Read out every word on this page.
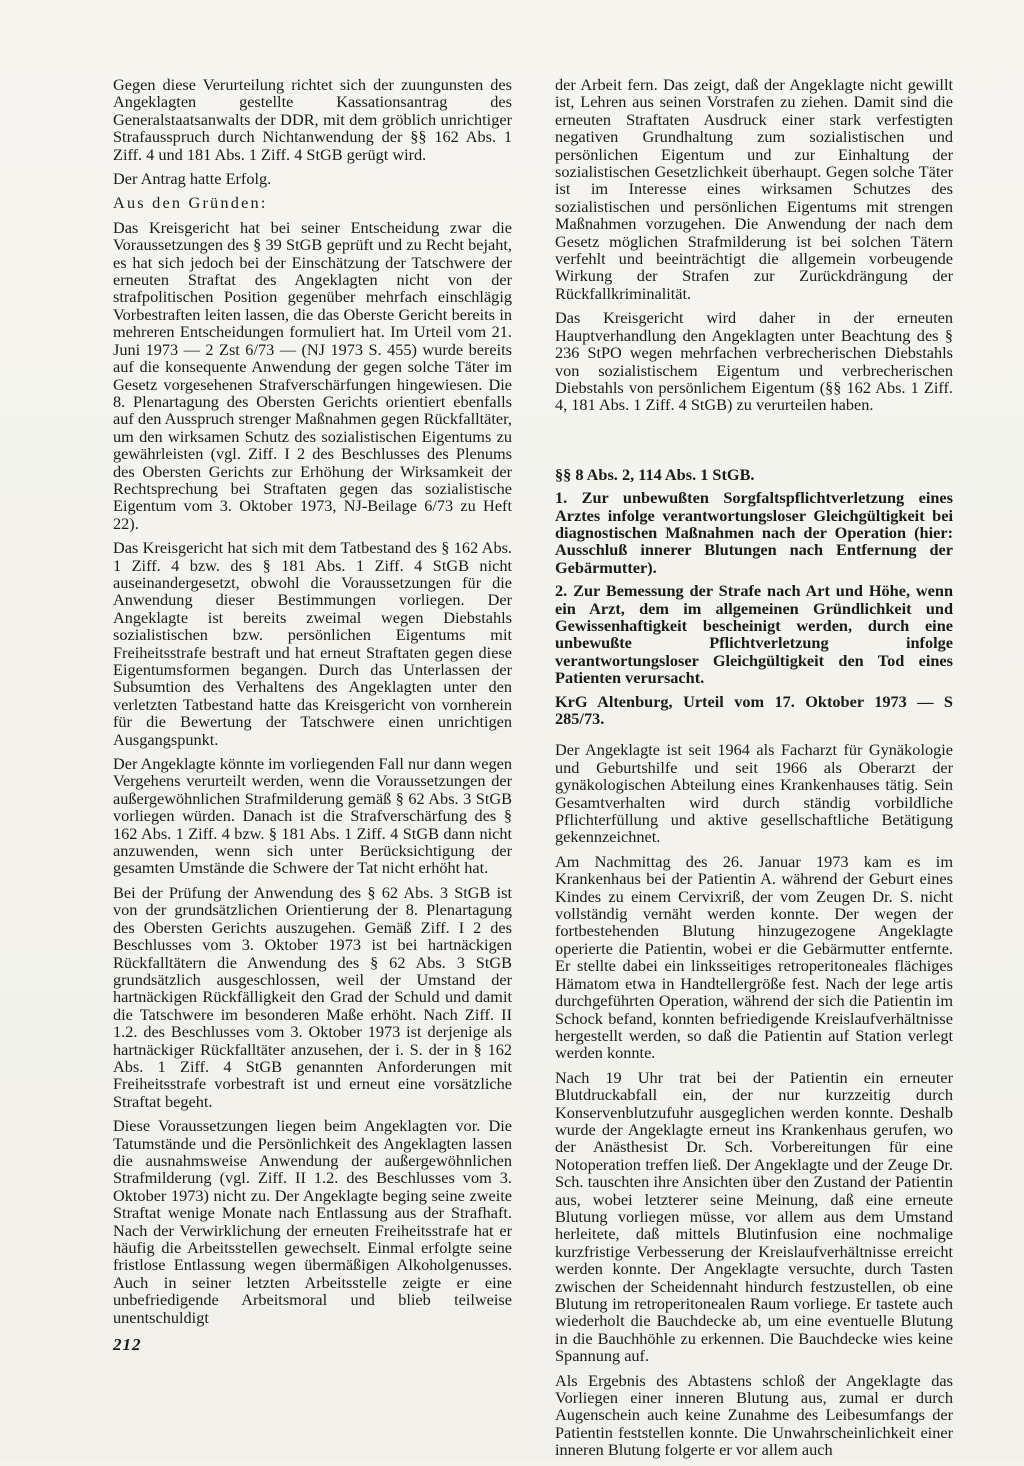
Gegen diese Verurteilung richtet sich der zuungunsten des Angeklagten gestellte Kassationsantrag des Generalstaatsanwalts der DDR, mit dem gröblich unrichtiger Strafausspruch durch Nichtanwendung der §§ 162 Abs. 1 Ziff. 4 und 181 Abs. 1 Ziff. 4 StGB gerügt wird.

Der Antrag hatte Erfolg.

Aus den Gründen:

Das Kreisgericht hat bei seiner Entscheidung zwar die Voraussetzungen des § 39 StGB geprüft und zu Recht bejaht, es hat sich jedoch bei der Einschätzung der Tatschwere der erneuten Straftat des Angeklagten nicht von der strafpolitischen Position gegenüber mehrfach einschlägig Vorbestraften leiten lassen, die das Oberste Gericht bereits in mehreren Entscheidungen formuliert hat. Im Urteil vom 21. Juni 1973 — 2 Zst 6/73 — (NJ 1973 S. 455) wurde bereits auf die konsequente Anwendung der gegen solche Täter im Gesetz vorgesehenen Strafverschärfungen hingewiesen. Die 8. Plenartagung des Obersten Gerichts orientiert ebenfalls auf den Ausspruch strenger Maßnahmen gegen Rückfalltäter, um den wirksamen Schutz des sozialistischen Eigentums zu gewährleisten (vgl. Ziff. I 2 des Beschlusses des Plenums des Obersten Gerichts zur Erhöhung der Wirksamkeit der Rechtsprechung bei Straftaten gegen das sozialistische Eigentum vom 3. Oktober 1973, NJ-Beilage 6/73 zu Heft 22).

Das Kreisgericht hat sich mit dem Tatbestand des § 162 Abs. 1 Ziff. 4 bzw. des § 181 Abs. 1 Ziff. 4 StGB nicht auseinandergesetzt, obwohl die Voraussetzungen für die Anwendung dieser Bestimmungen vorliegen. Der Angeklagte ist bereits zweimal wegen Diebstahls sozialistischen bzw. persönlichen Eigentums mit Freiheitsstrafe bestraft und hat erneut Straftaten gegen diese Eigentumsformen begangen. Durch das Unterlassen der Subsumtion des Verhaltens des Angeklagten unter den verletzten Tatbestand hatte das Kreisgericht von vornherein für die Bewertung der Tatschwere einen unrichtigen Ausgangspunkt.

Der Angeklagte könnte im vorliegenden Fall nur dann wegen Vergehens verurteilt werden, wenn die Voraussetzungen der außergewöhnlichen Strafmilderung gemäß § 62 Abs. 3 StGB vorliegen würden. Danach ist die Strafverschärfung des § 162 Abs. 1 Ziff. 4 bzw. § 181 Abs. 1 Ziff. 4 StGB dann nicht anzuwenden, wenn sich unter Berücksichtigung der gesamten Umstände die Schwere der Tat nicht erhöht hat.

Bei der Prüfung der Anwendung des § 62 Abs. 3 StGB ist von der grundsätzlichen Orientierung der 8. Plenartagung des Obersten Gerichts auszugehen. Gemäß Ziff. I 2 des Beschlusses vom 3. Oktober 1973 ist bei hartnäckigen Rückfalltätern die Anwendung des § 62 Abs. 3 StGB grundsätzlich ausgeschlossen, weil der Umstand der hartnäckigen Rückfälligkeit den Grad der Schuld und damit die Tatschwere im besonderen Maße erhöht. Nach Ziff. II 1.2. des Beschlusses vom 3. Oktober 1973 ist derjenige als hartnäckiger Rückfalltäter anzusehen, der i. S. der in § 162 Abs. 1 Ziff. 4 StGB genannten Anforderungen mit Freiheitsstrafe vorbestraft ist und erneut eine vorsätzliche Straftat begeht.

Diese Voraussetzungen liegen beim Angeklagten vor. Die Tatumstände und die Persönlichkeit des Angeklagten lassen die ausnahmsweise Anwendung der außergewöhnlichen Strafmilderung (vgl. Ziff. II 1.2. des Beschlusses vom 3. Oktober 1973) nicht zu. Der Angeklagte beging seine zweite Straftat wenige Monate nach Entlassung aus der Strafhaft. Nach der Verwirklichung der erneuten Freiheitsstrafe hat er häufig die Arbeitsstellen gewechselt. Einmal erfolgte seine fristlose Entlassung wegen übermäßigen Alkoholgenusses. Auch in seiner letzten Arbeitsstelle zeigte er eine unbefriedigende Arbeitsmoral und blieb teilweise unentschuldigt

der Arbeit fern. Das zeigt, daß der Angeklagte nicht gewillt ist, Lehren aus seinen Vorstrafen zu ziehen. Damit sind die erneuten Straftaten Ausdruck einer stark verfestigten negativen Grundhaltung zum sozialistischen und persönlichen Eigentum und zur Einhaltung der sozialistischen Gesetzlichkeit überhaupt. Gegen solche Täter ist im Interesse eines wirksamen Schutzes des sozialistischen und persönlichen Eigentums mit strengen Maßnahmen vorzugehen. Die Anwendung der nach dem Gesetz möglichen Strafmilderung ist bei solchen Tätern verfehlt und beeinträchtigt die allgemein vorbeugende Wirkung der Strafen zur Zurückdrängung der Rückfallkriminalität.

Das Kreisgericht wird daher in der erneuten Hauptverhandlung den Angeklagten unter Beachtung des § 236 StPO wegen mehrfachen verbrecherischen Diebstahls von sozialistischem Eigentum und verbrecherischen Diebstahls von persönlichem Eigentum (§§ 162 Abs. 1 Ziff. 4, 181 Abs. 1 Ziff. 4 StGB) zu verurteilen haben.

§§ 8 Abs. 2, 114 Abs. 1 StGB.

1. Zur unbewußten Sorgfaltspflichtverletzung eines Arztes infolge verantwortungsloser Gleichgültigkeit bei diagnostischen Maßnahmen nach der Operation (hier: Ausschluß innerer Blutungen nach Entfernung der Gebärmutter).

2. Zur Bemessung der Strafe nach Art und Höhe, wenn ein Arzt, dem im allgemeinen Gründlichkeit und Gewissenhaftigkeit bescheinigt werden, durch eine unbewußte Pflichtverletzung infolge verantwortungsloser Gleichgültigkeit den Tod eines Patienten verursacht.

KrG Altenburg, Urteil vom 17. Oktober 1973 — S 285/73.

Der Angeklagte ist seit 1964 als Facharzt für Gynäkologie und Geburtshilfe und seit 1966 als Oberarzt der gynäkologischen Abteilung eines Krankenhauses tätig. Sein Gesamtverhalten wird durch ständig vorbildliche Pflichterfüllung und aktive gesellschaftliche Betätigung gekennzeichnet.

Am Nachmittag des 26. Januar 1973 kam es im Krankenhaus bei der Patientin A. während der Geburt eines Kindes zu einem Cervixriß, der vom Zeugen Dr. S. nicht vollständig vernäht werden konnte. Der wegen der fortbestehenden Blutung hinzugezogene Angeklagte operierte die Patientin, wobei er die Gebärmutter entfernte. Er stellte dabei ein linksseitiges retroperitoneales flächiges Hämatom etwa in Handtellergröße fest. Nach der lege artis durchgeführten Operation, während der sich die Patientin im Schock befand, konnten befriedigende Kreislaufverhältnisse hergestellt werden, so daß die Patientin auf Station verlegt werden konnte.

Nach 19 Uhr trat bei der Patientin ein erneuter Blutdruckabfall ein, der nur kurzzeitig durch Konservenblutzufuhr ausgeglichen werden konnte. Deshalb wurde der Angeklagte erneut ins Krankenhaus gerufen, wo der Anästhesist Dr. Sch. Vorbereitungen für eine Notoperation treffen ließ. Der Angeklagte und der Zeuge Dr. Sch. tauschten ihre Ansichten über den Zustand der Patientin aus, wobei letzterer seine Meinung, daß eine erneute Blutung vorliegen müsse, vor allem aus dem Umstand herleitete, daß mittels Blutinfusion eine nochmalige kurzfristige Verbesserung der Kreislaufverhältnisse erreicht werden konnte. Der Angeklagte versuchte, durch Tasten zwischen der Scheidennaht hindurch festzustellen, ob eine Blutung im retroperitonealen Raum vorliege. Er tastete auch wiederholt die Bauchdecke ab, um eine eventuelle Blutung in die Bauchhöhle zu erkennen. Die Bauchdecke wies keine Spannung auf.

Als Ergebnis des Abtastens schloß der Angeklagte das Vorliegen einer inneren Blutung aus, zumal er durch Augenschein auch keine Zunahme des Leibesumfangs der Patientin feststellen konnte. Die Unwahrscheinlichkeit einer inneren Blutung folgerte er vor allem auch

212
